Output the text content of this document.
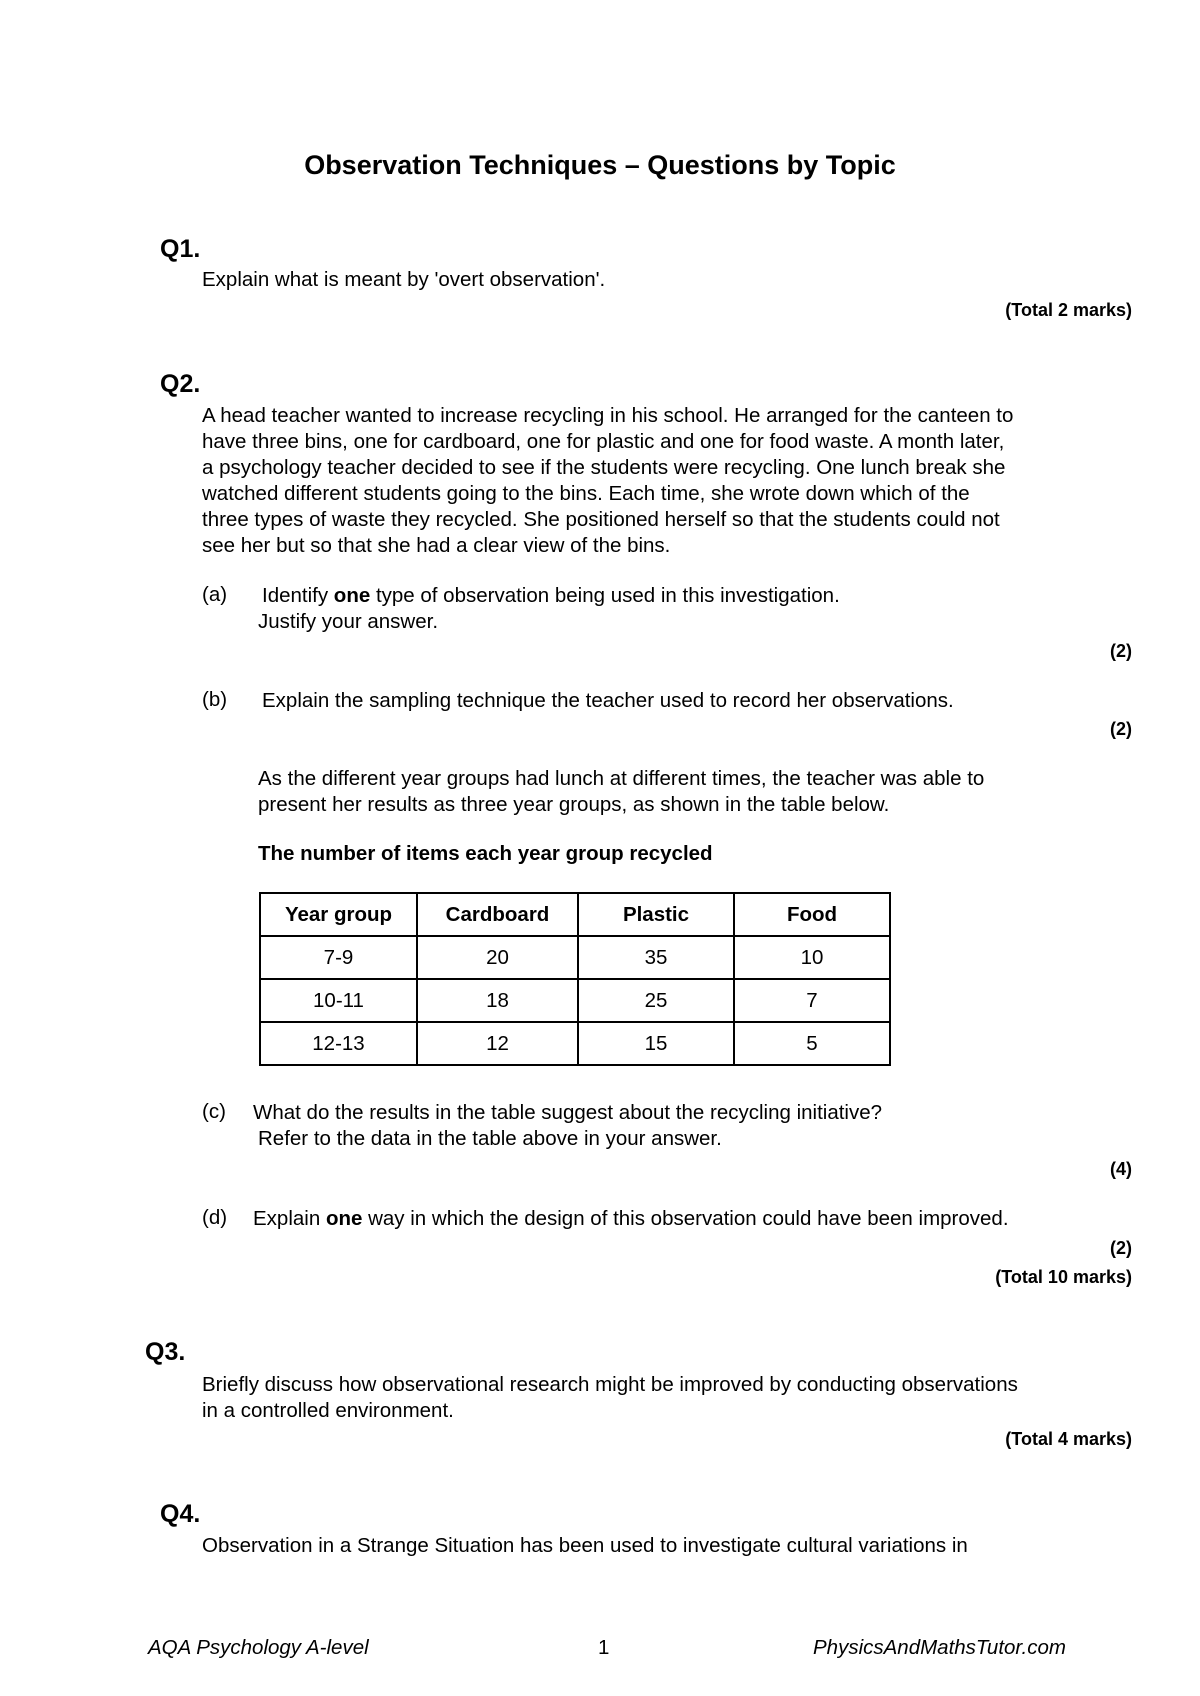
Observation Techniques – Questions by Topic
Q1.
Explain what is meant by 'overt observation'.
(Total 2 marks)
Q2.
A head teacher wanted to increase recycling in his school. He arranged for the canteen to
have three bins, one for cardboard, one for plastic and one for food waste. A month later,
a psychology teacher decided to see if the students were recycling. One lunch break she
watched different students going to the bins. Each time, she wrote down which of the
three types of waste they recycled. She positioned herself so that the students could not
see her but so that she had a clear view of the bins.
(a) Identify one type of observation being used in this investigation.
Justify your answer.
(2)
(b) Explain the sampling technique the teacher used to record her observations.
(2)
As the different year groups had lunch at different times, the teacher was able to
present her results as three year groups, as shown in the table below.
The number of items each year group recycled
Year group	Cardboard	Plastic	Food
7-9	20	35	10
10-11	18	25	7
12-13	12	15	5
(c) What do the results in the table suggest about the recycling initiative?
Refer to the data in the table above in your answer.
(4)
(d) Explain one way in which the design of this observation could have been improved.
(2)
(Total 10 marks)
Q3.
Briefly discuss how observational research might be improved by conducting observations
in a controlled environment.
(Total 4 marks)
Q4.
Observation in a Strange Situation has been used to investigate cultural variations in
AQA Psychology A-level	1	PhysicsAndMathsTutor.com
